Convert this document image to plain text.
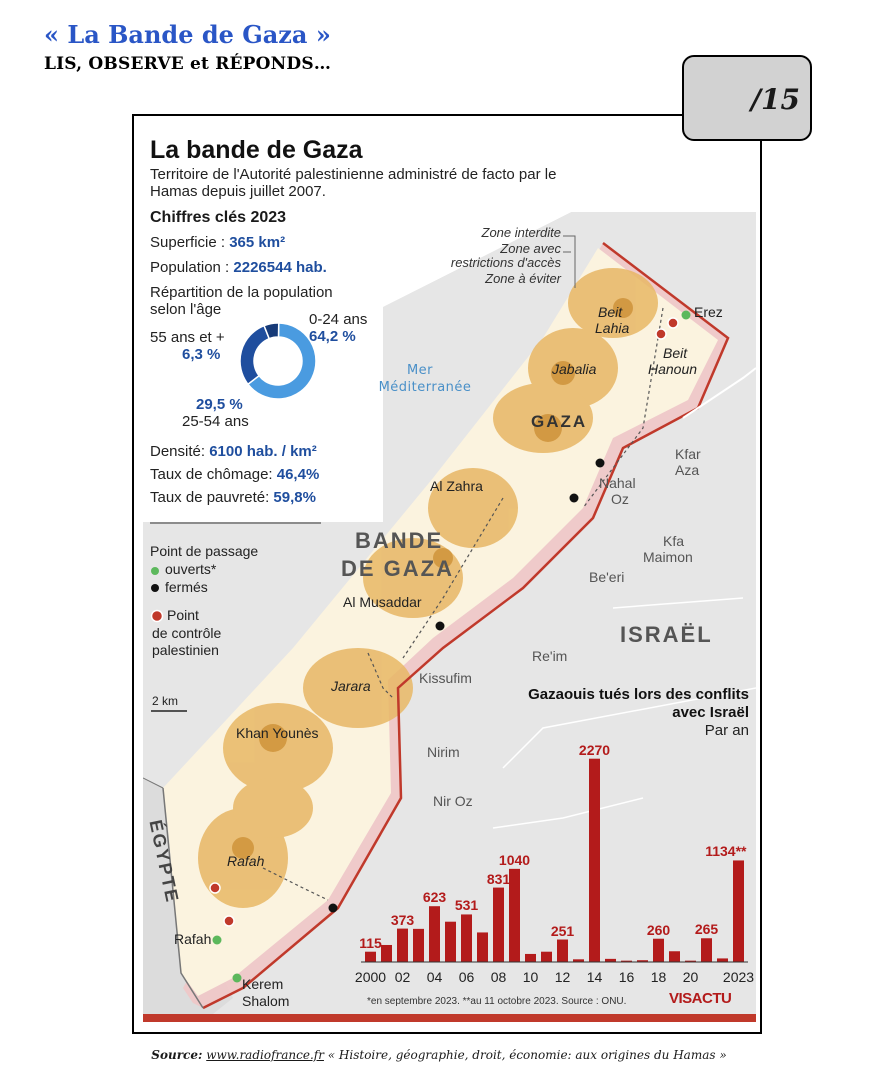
« La Bande de Gaza »
LIS, OBSERVE et RÉPONDS…
/15
La bande de Gaza
Territoire de l'Autorité palestinienne administré de facto par le Hamas depuis juillet 2007.
Chiffres clés 2023
Superficie : 365 km²
Population : 2226544 hab.
Répartition de la population
selon l'âge
0-24 ans
64,2 %
55 ans et +
6,3 %
29,5 %
25-54 ans
Densité: 6100 hab. / km²
Taux de chômage: 46,4%
Taux de pauvreté: 59,8%
Point de passage
ouverts*
fermés
Point
de contrôle
palestinien
2 km
Zone interdite
Zone avec
restrictions d'accès
Zone à éviter
Mer
Méditerranée
BANDE
DE GAZA
ISRAËL
ÉGYPTE
Beit
Lahia
Beit
Hanoun
Erez
Jabalia
GAZA
Kfar
Aza
Nahal
Oz
Al Zahra
Kfa
Maimon
Be'eri
Al Musaddar
Re'im
Kissufim
Jarara
Khan Younès
Nirim
Nir Oz
Rafah
Rafah
Kerem
Shalom
Gazaouis tués lors des conflits
avec Israël
Par an
115
373
623
531
831
1040
251
2270
260 265
1134**
2000 02 04 06 08 10 12 14 16 18 20 2023
*en septembre 2023. **au 11 octobre 2023. Source : ONU.	VISACTU
Source: www.radiofrance.fr « Histoire, géographie, droit, économie: aux origines du Hamas »
